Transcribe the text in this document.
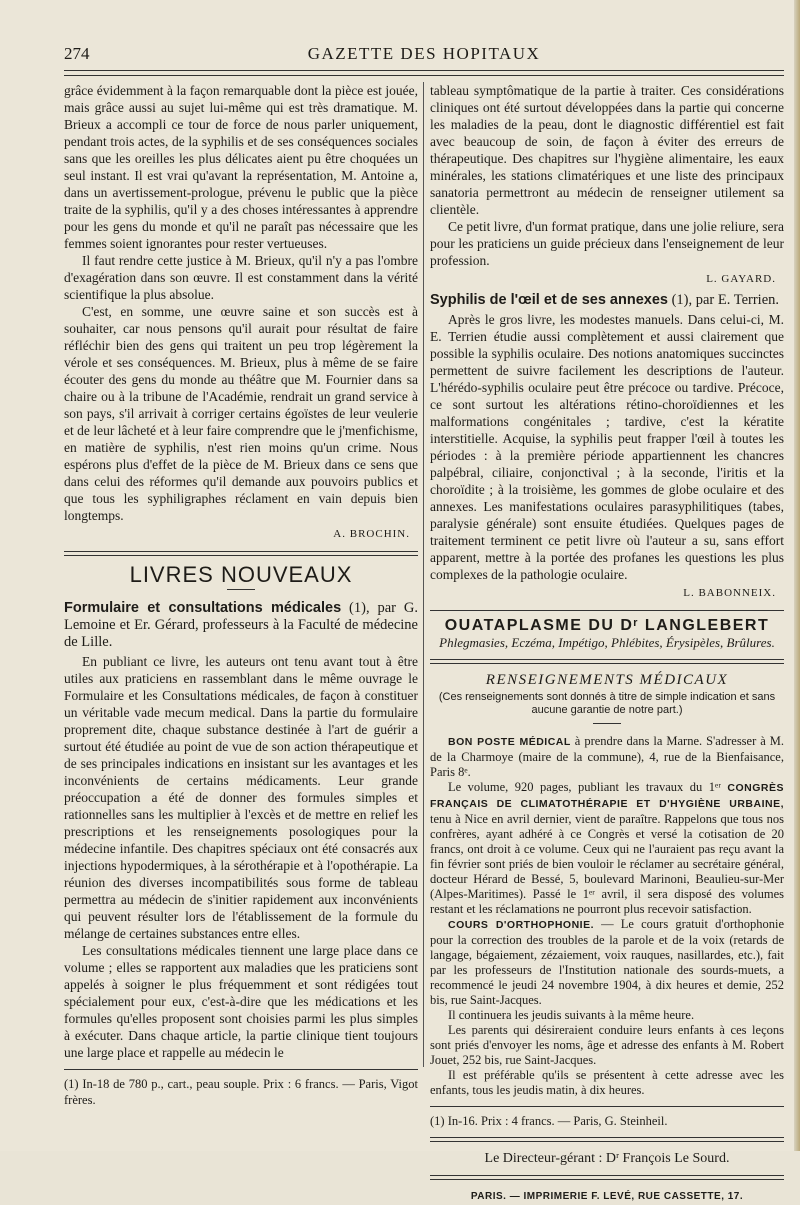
274	GAZETTE DES HOPITAUX

grâce évidemment à la façon remarquable dont la pièce est jouée, mais grâce aussi au sujet lui-même qui est très dramatique. M. Brieux a accompli ce tour de force de nous parler uniquement, pendant trois actes, de la syphilis et de ses conséquences sociales sans que les oreilles les plus délicates aient pu être choquées un seul instant. Il est vrai qu'avant la représentation, M. Antoine a, dans un avertissement-prologue, prévenu le public que la pièce traite de la syphilis, qu'il y a des choses intéressantes à apprendre pour les gens du monde et qu'il ne paraît pas nécessaire que les femmes soient ignorantes pour rester vertueuses.

Il faut rendre cette justice à M. Brieux, qu'il n'y a pas l'ombre d'exagération dans son œuvre. Il est constamment dans la vérité scientifique la plus absolue.

C'est, en somme, une œuvre saine et son succès est à souhaiter, car nous pensons qu'il aurait pour résultat de faire réfléchir bien des gens qui traitent un peu trop légèrement la vérole et ses conséquences. M. Brieux, plus à même de se faire écouter des gens du monde au théâtre que M. Fournier dans sa chaire ou à la tribune de l'Académie, rendrait un grand service à son pays, s'il arrivait à corriger certains égoïstes de leur veulerie et de leur lâcheté et à leur faire comprendre que le j'menfichisme, en matière de syphilis, n'est rien moins qu'un crime. Nous espérons plus d'effet de la pièce de M. Brieux dans ce sens que dans celui des réformes qu'il demande aux pouvoirs publics et que tous les syphiligraphes réclament en vain depuis bien longtemps.

A. BROCHIN.
LIVRES NOUVEAUX
Formulaire et consultations médicales (1), par G. Lemoine et Er. Gérard, professeurs à la Faculté de médecine de Lille.

En publiant ce livre, les auteurs ont tenu avant tout à être utiles aux praticiens en rassemblant dans le même ouvrage le Formulaire et les Consultations médicales, de façon à constituer un véritable vade mecum medical. Dans la partie du formulaire proprement dite, chaque substance destinée à l'art de guérir a surtout été étudiée au point de vue de son action thérapeutique et de ses principales indications en insistant sur les avantages et les inconvénients de certains médicaments. Leur grande préoccupation a été de donner des formules simples et rationnelles sans les multiplier à l'excès et de mettre en relief les prescriptions et les renseignements posologiques pour la médecine infantile. Des chapitres spéciaux ont été consacrés aux injections hypodermiques, à la sérothérapie et à l'opothérapie. La réunion des diverses incompatibilités sous forme de tableau permettra au médecin de s'initier rapidement aux inconvénients qui peuvent résulter lors de l'établissement de la formule du mélange de certaines substances entre elles.

Les consultations médicales tiennent une large place dans ce volume ; elles se rapportent aux maladies que les praticiens sont appelés à soigner le plus fréquemment et sont rédigées tout spécialement pour eux, c'est-à-dire que les médications et les formules qu'elles proposent sont choisies parmi les plus simples à exécuter. Dans chaque article, la partie clinique tient toujours une large place et rappelle au médecin le

(1) In-18 de 780 p., cart., peau souple. Prix : 6 francs. — Paris, Vigot frères.

tableau symptômatique de la partie à traiter. Ces considérations cliniques ont été surtout développées dans la partie qui concerne les maladies de la peau, dont le diagnostic différentiel est fait avec beaucoup de soin, de façon à éviter des erreurs de thérapeutique. Des chapitres sur l'hygiène alimentaire, les eaux minérales, les stations climatériques et une liste des principaux sanatoria permettront au médecin de renseigner utilement sa clientèle.

Ce petit livre, d'un format pratique, dans une jolie reliure, sera pour les praticiens un guide précieux dans l'enseignement de leur profession.

L. GAYARD.
Syphilis de l'œil et de ses annexes (1), par E. Terrien.

Après le gros livre, les modestes manuels. Dans celui-ci, M. E. Terrien étudie aussi complètement et aussi clairement que possible la syphilis oculaire. Des notions anatomiques succinctes permettent de suivre facilement les descriptions de l'auteur. L'hérédo-syphilis oculaire peut être précoce ou tardive. Précoce, ce sont surtout les altérations rétino-choroïdiennes et les malformations congénitales ; tardive, c'est la kératite interstitielle. Acquise, la syphilis peut frapper l'œil à toutes les périodes : à la première période appartiennent les chancres palpébral, ciliaire, conjonctival ; à la seconde, l'iritis et la choroïdite ; à la troisième, les gommes de globe oculaire et des annexes. Les manifestations oculaires parasyphilitiques (tabes, paralysie générale) sont ensuite étudiées. Quelques pages de traitement terminent ce petit livre où l'auteur a su, sans effort apparent, mettre à la portée des profanes les questions les plus complexes de la pathologie oculaire.

L. BABONNEIX.
OUATAPLASME DU Dʳ LANGLEBERT
Phlegmasies, Eczéma, Impétigo, Phlébites, Érysipèles, Brûlures.
RENSEIGNEMENTS MÉDICAUX
(Ces renseignements sont donnés à titre de simple indication et sans aucune garantie de notre part.)

BON POSTE MÉDICAL à prendre dans la Marne. S'adresser à M. de la Charmoye (maire de la commune), 4, rue de la Bienfaisance, Paris 8ᵉ.

Le volume, 920 pages, publiant les travaux du 1ᵉʳ CONGRÈS FRANÇAIS DE CLIMATOTHÉRAPIE ET D'HYGIÈNE URBAINE, tenu à Nice en avril dernier, vient de paraître. Rappelons que tous nos confrères, ayant adhéré à ce Congrès et versé la cotisation de 20 francs, ont droit à ce volume. Ceux qui ne l'auraient pas reçu avant la fin février sont priés de bien vouloir le réclamer au secrétaire général, docteur Hérard de Bessé, 5, boulevard Marinoni, Beaulieu-sur-Mer (Alpes-Maritimes). Passé le 1ᵉʳ avril, il sera disposé des volumes restant et les réclamations ne pourront plus recevoir satisfaction.

COURS D'ORTHOPHONIE. — Le cours gratuit d'orthophonie pour la correction des troubles de la parole et de la voix (retards de langage, bégaiement, zézaiement, voix rauques, nasillardes, etc.), fait par les professeurs de l'Institution nationale des sourds-muets, a recommencé le jeudi 24 novembre 1904, à dix heures et demie, 252 bis, rue Saint-Jacques.

Il continuera les jeudis suivants à la même heure.

Les parents qui désireraient conduire leurs enfants à ces leçons sont priés d'envoyer les noms, âge et adresse des enfants à M. Robert Jouet, 252 bis, rue Saint-Jacques.

Il est préférable qu'ils se présentent à cette adresse avec les enfants, tous les jeudis matin, à dix heures.

(1) In-16. Prix : 4 francs. — Paris, G. Steinheil.
Le Directeur-gérant : Dʳ François Le Sourd.
PARIS. — IMPRIMERIE F. LEVÉ, RUE CASSETTE, 17.
